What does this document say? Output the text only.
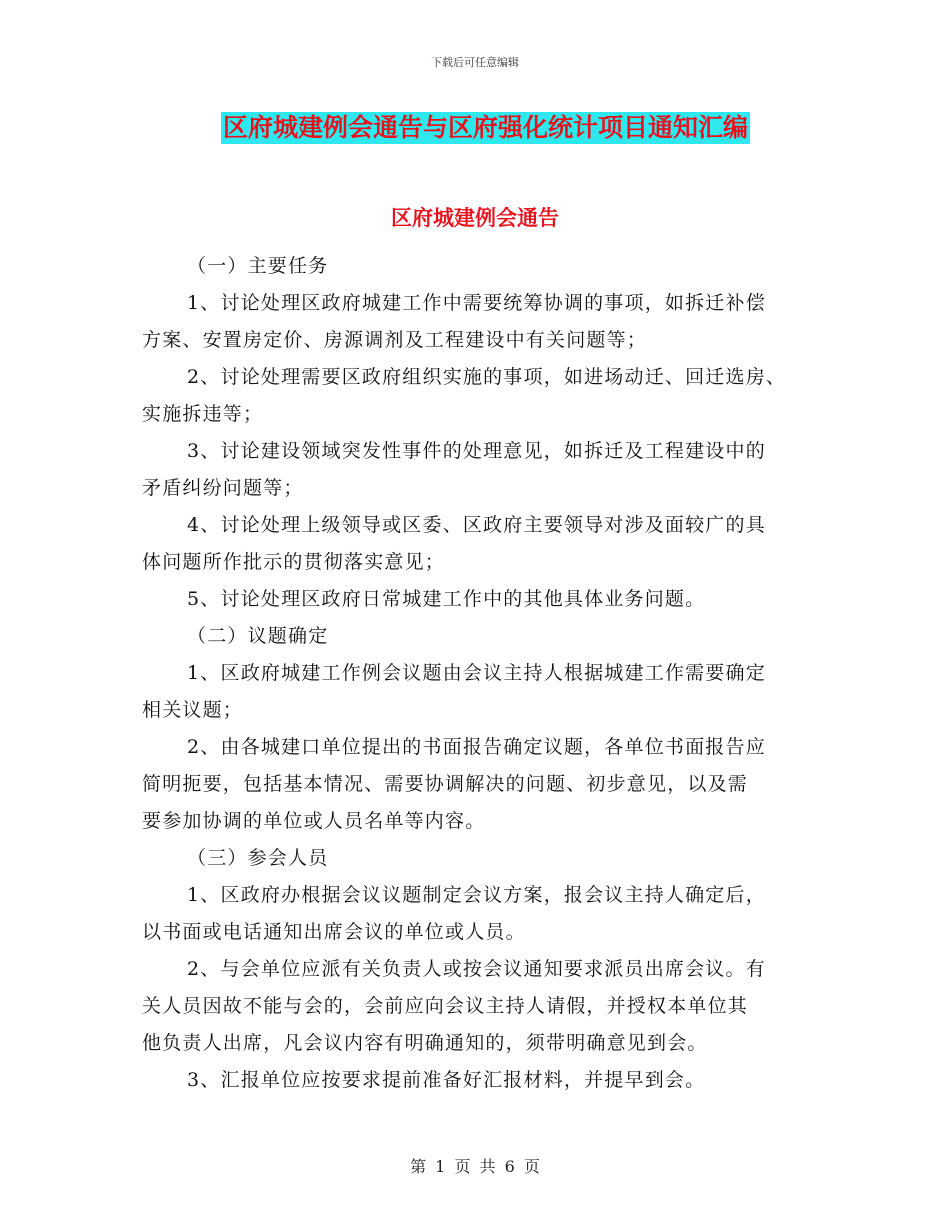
下载后可任意编辑
区府城建例会通告与区府强化统计项目通知汇编
区府城建例会通告
（一）主要任务
1、讨论处理区政府城建工作中需要统筹协调的事项，如拆迁补偿
方案、安置房定价、房源调剂及工程建设中有关问题等；
2、讨论处理需要区政府组织实施的事项，如进场动迁、回迁选房、
实施拆违等；
3、讨论建设领域突发性事件的处理意见，如拆迁及工程建设中的
矛盾纠纷问题等；
4、讨论处理上级领导或区委、区政府主要领导对涉及面较广的具
体问题所作批示的贯彻落实意见；
5、讨论处理区政府日常城建工作中的其他具体业务问题。
（二）议题确定
1、区政府城建工作例会议题由会议主持人根据城建工作需要确定
相关议题；
2、由各城建口单位提出的书面报告确定议题，各单位书面报告应
简明扼要，包括基本情况、需要协调解决的问题、初步意见，以及需
要参加协调的单位或人员名单等内容。
（三）参会人员
1、区政府办根据会议议题制定会议方案，报会议主持人确定后，
以书面或电话通知出席会议的单位或人员。
2、与会单位应派有关负责人或按会议通知要求派员出席会议。有
关人员因故不能与会的，会前应向会议主持人请假，并授权本单位其
他负责人出席，凡会议内容有明确通知的，须带明确意见到会。
3、汇报单位应按要求提前准备好汇报材料，并提早到会。
第 1 页 共 6 页
